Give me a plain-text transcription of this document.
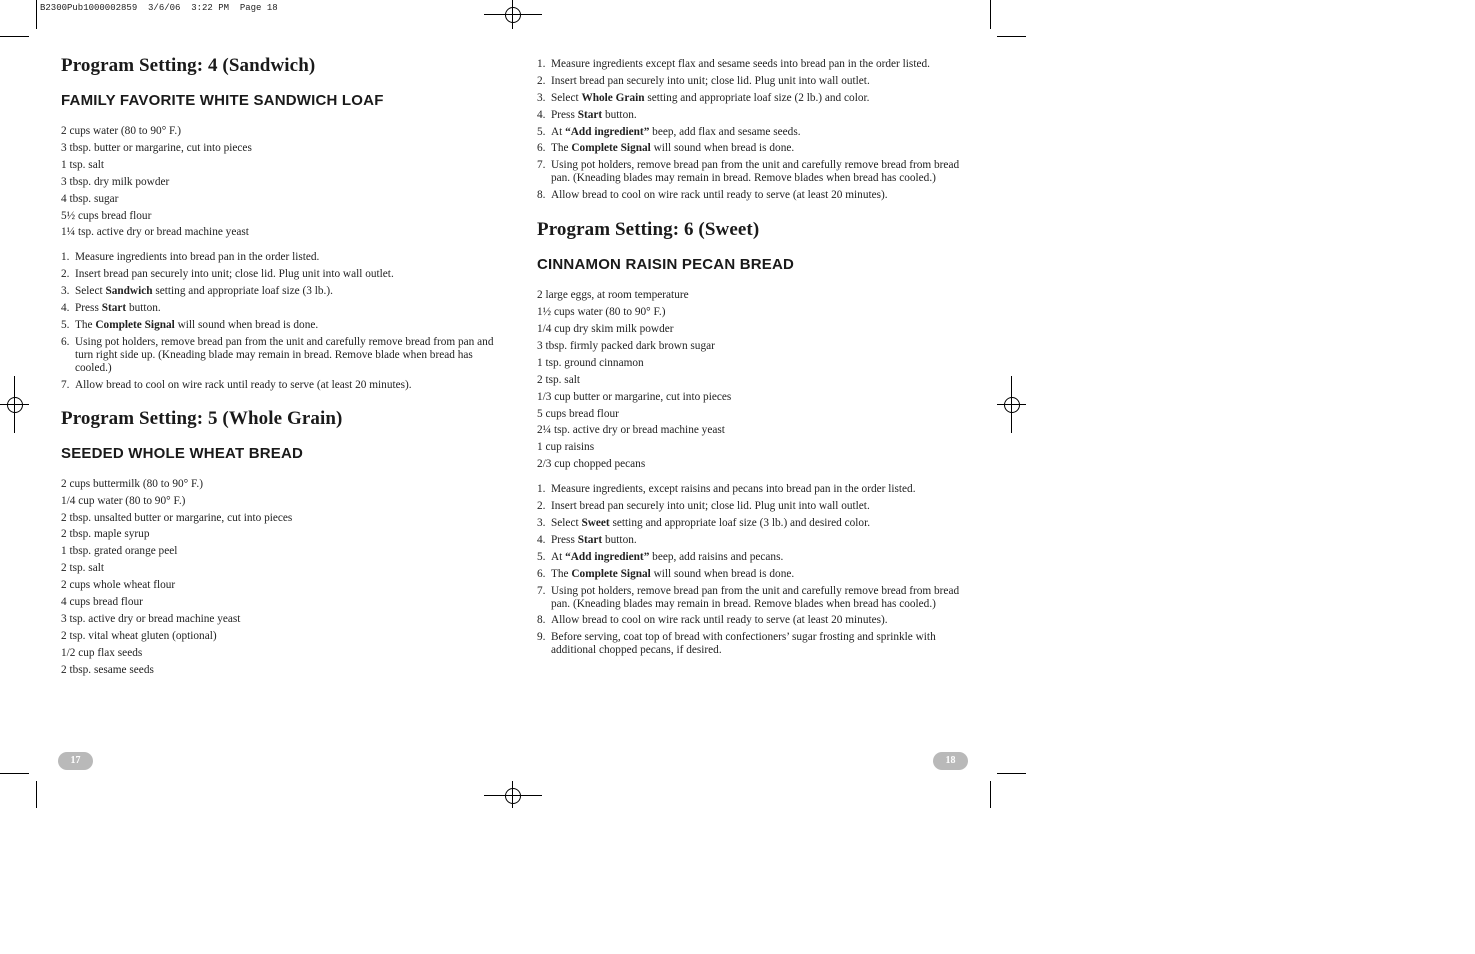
B2300Pub1000002859  3/6/06  3:22 PM  Page 18
Program Setting: 4 (Sandwich)
FAMILY FAVORITE WHITE SANDWICH LOAF
2 cups water (80 to 90° F.)
3 tbsp. butter or margarine, cut into pieces
1 tsp. salt
3 tbsp. dry milk powder
4 tbsp. sugar
5½ cups bread flour
1¼ tsp. active dry or bread machine yeast
1. Measure ingredients into bread pan in the order listed.
2. Insert bread pan securely into unit; close lid. Plug unit into wall outlet.
3. Select Sandwich setting and appropriate loaf size (3 lb.).
4. Press Start button.
5. The Complete Signal will sound when bread is done.
6. Using pot holders, remove bread pan from the unit and carefully remove bread from pan and turn right side up. (Kneading blade may remain in bread. Remove blade when bread has cooled.)
7. Allow bread to cool on wire rack until ready to serve (at least 20 minutes).
Program Setting: 5 (Whole Grain)
SEEDED WHOLE WHEAT BREAD
2 cups buttermilk (80 to 90° F.)
1/4 cup water (80 to 90° F.)
2 tbsp. unsalted butter or margarine, cut into pieces
2 tbsp. maple syrup
1 tbsp. grated orange peel
2 tsp. salt
2 cups whole wheat flour
4 cups bread flour
3 tsp. active dry or bread machine yeast
2 tsp. vital wheat gluten (optional)
1/2 cup flax seeds
2 tbsp. sesame seeds
17
1. Measure ingredients except flax and sesame seeds into bread pan in the order listed.
2. Insert bread pan securely into unit; close lid. Plug unit into wall outlet.
3. Select Whole Grain setting and appropriate loaf size (2 lb.) and color.
4. Press Start button.
5. At “Add ingredient” beep, add flax and sesame seeds.
6. The Complete Signal will sound when bread is done.
7. Using pot holders, remove bread pan from the unit and carefully remove bread from bread pan. (Kneading blades may remain in bread. Remove blades when bread has cooled.)
8. Allow bread to cool on wire rack until ready to serve (at least 20 minutes).
Program Setting: 6 (Sweet)
CINNAMON RAISIN PECAN BREAD
2 large eggs, at room temperature
1½ cups water (80 to 90° F.)
1/4 cup dry skim milk powder
3 tbsp. firmly packed dark brown sugar
1 tsp. ground cinnamon
2 tsp. salt
1/3 cup butter or margarine, cut into pieces
5 cups bread flour
2¼ tsp. active dry or bread machine yeast
1 cup raisins
2/3 cup chopped pecans
1. Measure ingredients, except raisins and pecans into bread pan in the order listed.
2. Insert bread pan securely into unit; close lid. Plug unit into wall outlet.
3. Select Sweet setting and appropriate loaf size (3 lb.) and desired color.
4. Press Start button.
5. At “Add ingredient” beep, add raisins and pecans.
6. The Complete Signal will sound when bread is done.
7. Using pot holders, remove bread pan from the unit and carefully remove bread from bread pan. (Kneading blades may remain in bread. Remove blades when bread has cooled.)
8. Allow bread to cool on wire rack until ready to serve (at least 20 minutes).
9. Before serving, coat top of bread with confectioners’ sugar frosting and sprinkle with additional chopped pecans, if desired.
18
